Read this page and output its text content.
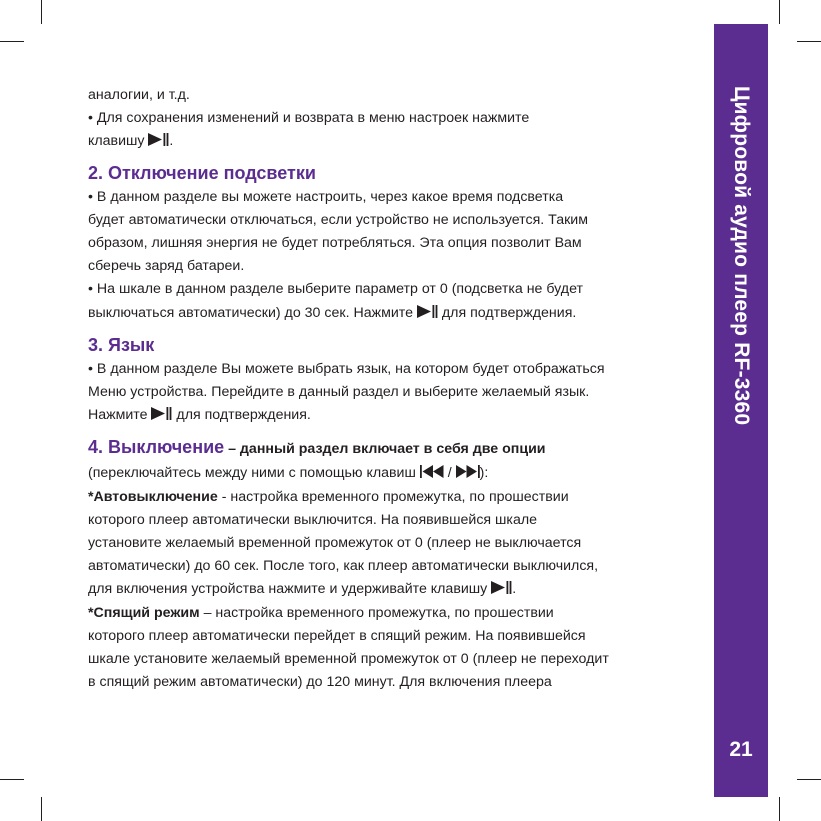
Цифровой аудио плеер RF-3360
21

аналогии, и т.д.

• Для сохранения изменений и возврата в меню настроек нажмите

клавишу .

2. Отключение подсветки

• В данном разделе вы можете настроить, через какое время подсветка

будет автоматически отключаться, если устройство не используется. Таким

образом, лишняя энергия не будет потребляться. Эта опция позволит Вам

сберечь заряд батареи.

• На шкале в данном разделе выберите параметр от 0 (подсветка не будет

выключаться автоматически) до 30 сек. Нажмите  для подтверждения.

3. Язык

• В данном разделе Вы можете выбрать язык, на котором будет отображаться

Меню устройства. Перейдите в данный раздел и выберите желаемый язык.

Нажмите  для подтверждения.

4. Выключение – данный раздел включает в себя две опции

(переключайтесь между ними с помощью клавиш  / ):

*Автовыключение - настройка временного промежутка, по прошествии

которого плеер автоматически выключится. На появившейся шкале

установите желаемый временной промежуток от 0 (плеер не выключается

автоматически) до 60 сек. После того, как плеер автоматически выключился,

для включения устройства нажмите и удерживайте клавишу .

*Спящий режим – настройка временного промежутка, по прошествии

которого плеер автоматически перейдет в спящий режим. На появившейся

шкале установите желаемый временной промежуток от 0 (плеер не переходит

в спящий режим автоматически) до 120 минут. Для включения плеера
